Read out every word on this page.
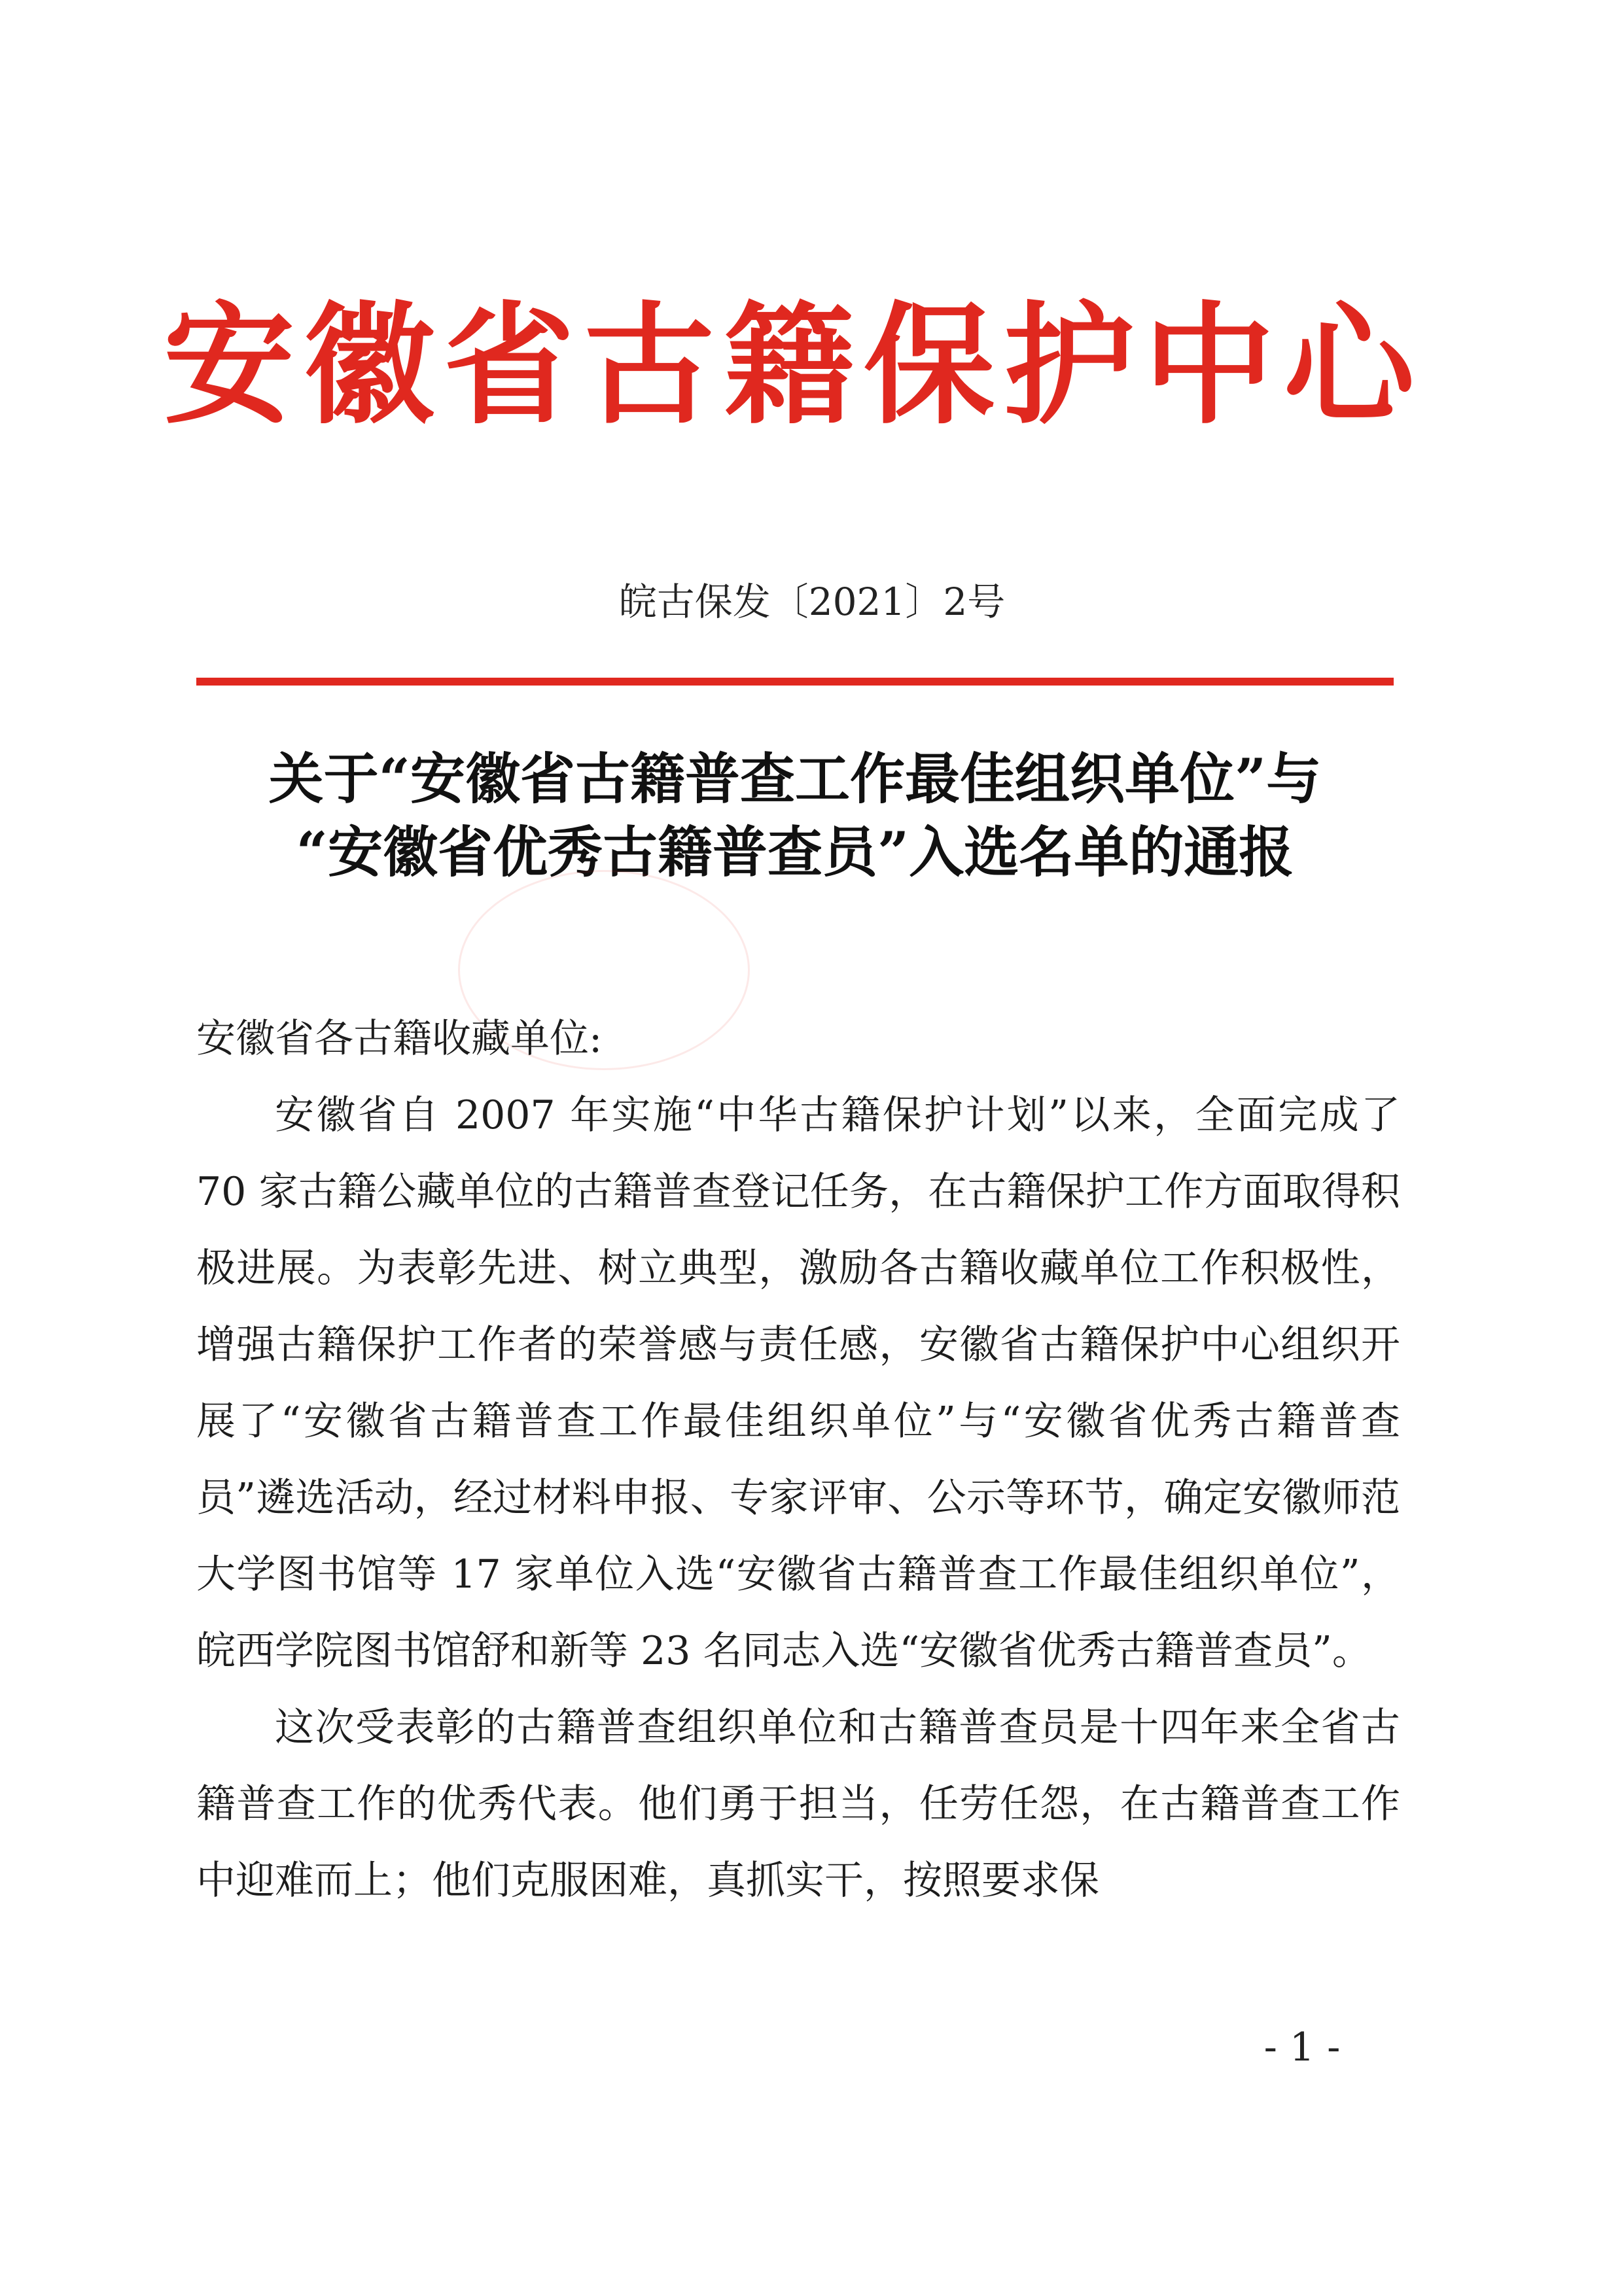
安徽省古籍保护中心
皖古保发〔2021〕2号
关于“安徽省古籍普查工作最佳组织单位”与
“安徽省优秀古籍普查员”入选名单的通报

安徽省各古籍收藏单位:

安徽省自 2007 年实施“中华古籍保护计划”以来，全面完成了 70 家古籍公藏单位的古籍普查登记任务，在古籍保护工作方面取得积极进展。为表彰先进、树立典型，激励各古籍收藏单位工作积极性，增强古籍保护工作者的荣誉感与责任感，安徽省古籍保护中心组织开展了“安徽省古籍普查工作最佳组织单位”与“安徽省优秀古籍普查员”遴选活动，经过材料申报、专家评审、公示等环节，确定安徽师范大学图书馆等 17 家单位入选“安徽省古籍普查工作最佳组织单位”，皖西学院图书馆舒和新等 23 名同志入选“安徽省优秀古籍普查员”。

这次受表彰的古籍普查组织单位和古籍普查员是十四年来全省古籍普查工作的优秀代表。他们勇于担当，任劳任怨，在古籍普查工作中迎难而上；他们克服困难，真抓实干，按照要求保

- 1 -
